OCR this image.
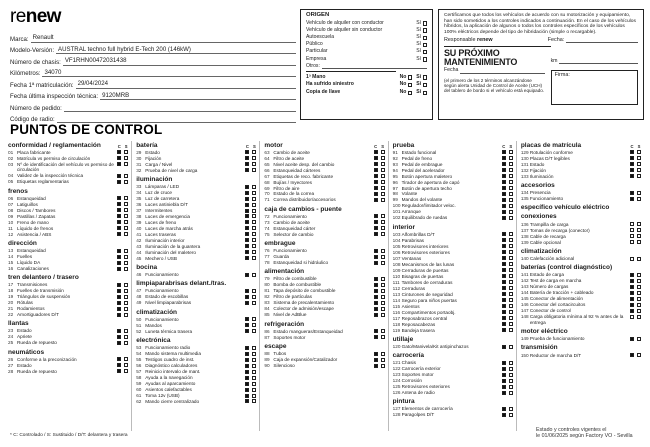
renew
Marca: Renault
Modelo-Versión: AUSTRAL techno full hybrid E-Tech 200 (146kW)
Número de chasis: VF1RHN00472031438
Kilómetros: 34070
Fecha 1ª matriculación: 29/04/2024
Fecha última inspección técnica: 9120MRB
Número de pedido:
Código de radio:
ORIGEN
Vehículo de alquiler con conductor	Sí
Vehículo de alquiler sin conductor	Sí
Autoescuela	Sí
Público	Sí
Particular	Sí
Empresa	Sí
Otros:
1ª Mano	No Sí
Ha sufrido siniestro	No Sí
Copia de llave	No Sí

Certificamos que todos los vehículos de acuerdo con su motorización y equipamiento, han sido sometidos a los controles indicados a continuación. En el caso de los vehículos híbridos, la aplicación de algunos o todos los controles específicos de los vehículos 100% eléctricos depende del tipo de hibridación (simple o recargable).

Responsable renew	Fecha:
SU PRÓXIMO MANTENIMIENTO
Fecha

(el primero de los 2 términos alcanzándose según alerta Unidad de Control de Aceite (UCH) del tablero de bordo si el vehículo está equipado.

km
Firma:
PUNTOS DE CONTROL
conformidad / reglamentación	C S
01 Placa fabricante
02 Matrícula vs permiso de circulación
03 Nº de identificación del vehículo vs permiso de circulación
04 Validez de la inspección técnica
05 Etiquetas reglamentarias
frenos
06 Estanqueidad
07 Latiguillos
08 Discos / Tambores
09 Pastillas / Zapatas
10 Freno de mano
11 Líquido de frenos
12 Asistencia / ABS
dirección
13 Estanqueidad
14 Fuelles
15 Líquido DA
16 Canalizaciones
tren delantero / trasero
17 Transmisiones
18 Fuelles de transmisión
19 Triángulos de suspensión
20 Rótulas
21 Rodamientos
22 Amortiguadores D/T
llantas
23 Estado
24 Apriete
25 Rueda de repuesto
neumáticos
26 Conforme a la preconización
27 Estado
28 Rueda de repuesto
batería	C S
29 Estado
30 Fijación
31 Carga / Nivel
32 Prueba de nivel de carga
iluminación
33 Lámparas / LED
34 Luz de cruce
35 Luz de carretera
36 Luces antiniebla D/T
37 Intermitentes
38 Luces de emergencia
39 Luces de freno
40 Luces de marcha atrás
41 Luces traseras
42 Iluminación interior
43 Iluminación de la guantera
44 Iluminación del maletero
45 Mechero / USB
bocina
46 Funcionamiento
limpiaparabrisas delant./tras.
47 Funcionamiento
48 Estado de escobillas
49 Nivel limpiaparabrisas
climatización
50 Funcionamiento
51 Mandos
52 Luneta térmica trasera
electrónica
53 Funcionamiento radio
54 Mando sistema multimedia
55 Testigos cuadro de inst.
56 Diagnóstico calculadores
57 Reinicio intervalo de mant.
58 Ayuda a la navegación
59 Ayudas al aparcamiento
60 Asientos calefactables
61 Toma 12v (USB)
62 Mando cierre centralizado
motor	C S
63 Cambio de aceite
64 Filtro de aceite
65 Nivel aceite desp. del cambio
66 Estanqueidad cárteres
67 Etiquetas de reco. fabricante
68 Bujías / Inyectores
69 Filtro de aire
70 Estado de la correa
71 Correa distribuidor/accesorios
caja de cambios - puente
72 Funcionamiento
73 Cambio de aceite
74 Estanqueidad cárter
75 Selector de cambio
embrague
76 Funcionamiento
77 Guarda
78 Estanqueidad si hidráulico
alimentación
79 Filtro de combustible
80 Bomba de combustible
81 Tapa depósito de combustible
82 Filtro de partículas
83 Sistema de precalentamiento
84 Colector de admisión/escape
85 Nivel de AdBlue
refrigeración
86 Estado mangueras/Estanqueidad
87 Soportes motor
escape
88 Tubos
89 Caja de expansión/Catalizador
90 Silencioso
prueba	C S
91 Estado funcional
92 Pedal de freno
93 Pedal de embrague
94 Pedal del acelerador
95 Botón apertura maletero
96 Tirador de apertura de capó
97 Botón de apertura techo
98 Volante
99 Mandos del volante
100 Regulador/limitador veloc.
101 Arranque
102 Equilibrado de ruedas
interior
103 Alfombrillas D/T
104 Parabrisas
105 Retrovisores interiores
106 Retrovisores exteriores
107 Ventanas
108 Mecanismos de las lunas
109 Cerraduras de puertas
110 Bisagras de puertas
111 Tambores de cerraduras
112 Cerraduras
113 Cinturones de seguridad
114 Seguro para niños puertas
115 Asientos
116 Compartimentos portaobj.
117 Reposabrazos central
118 Reposacabezas
119 Bandeja trasera
utillaje
120 Gato/Manivela/Kit antipinchazos
carrocería
121 Chasis
122 Carrocería exterior
123 Soportes motor
124 Corrosión
125 Retrovisores exteriores
126 Antena de radio
pintura
127 Elementos de carrocería
128 Paragolpes D/T
placas de matrícula	C S
129 Rotulación conforme
130 Placas D/T legibles
131 Estado
132 Fijación
133 Iluminación
accesorios
134 Presencia
135 Funcionamiento
específico vehículo eléctrico
conexiones
136 Trampilla de carga
137 Tomas de recarga (conector)
138 Cable de recarga
139 Cable opcional
climatización
140 Calefacción adicional
baterías (control diagnóstico)
141 Estado de carga
142 Test de carga en marcha
143 Número de cargas
144 Batería de tracción + cableado
145 Conector de alimentación
146 Conector del cortacircuitos
147 Conector de control
148 Carga obligatoria mínima al 92 % antes de la entrega
motor eléctrico
149 Prueba de funcionamiento
transmisión
150 Reductor de marcha D/T
* C: Controlado / S: Sustituido / D/T: delantera y trasera
Estado y controles vigentes el
le 01/06/2025 según Factory VO - Sevilla
